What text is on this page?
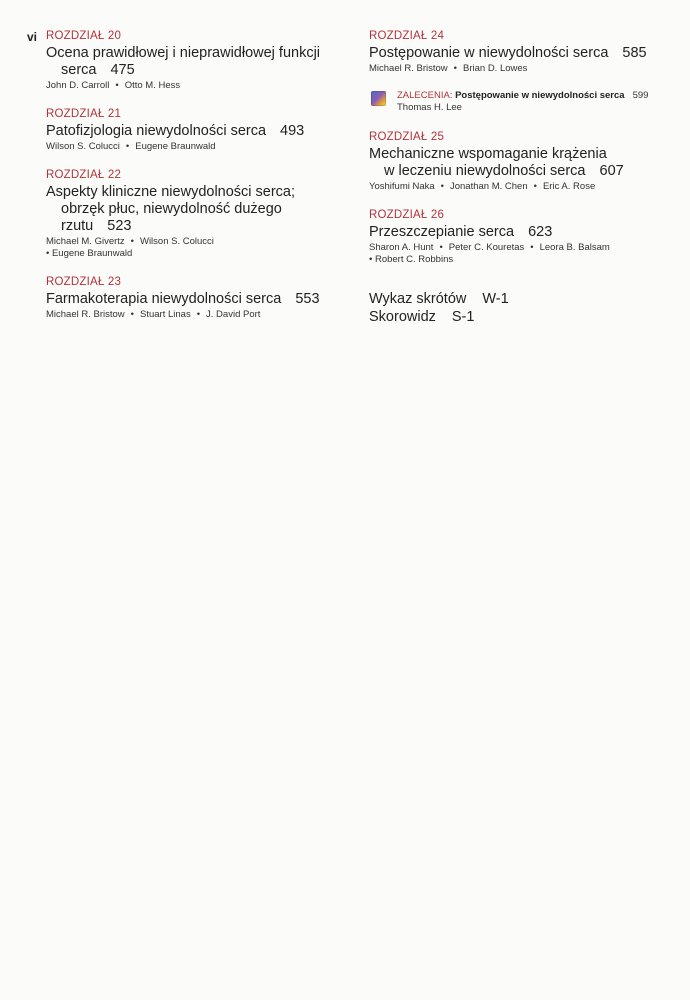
vi ROZDZIAŁ 20
Ocena prawidłowej i nieprawidłowej funkcji
serca 475
John D. Carroll • Otto M. Hess
ROZDZIAŁ 21
Patofizjologia niewydolności serca 493
Wilson S. Colucci • Eugene Braunwald
ROZDZIAŁ 22
Aspekty kliniczne niewydolności serca;
obrzęk płuc, niewydolność dużego
rzutu 523
Michael M. Givertz • Wilson S. Colucci
• Eugene Braunwald
ROZDZIAŁ 23
Farmakoterapia niewydolności serca 553
Michael R. Bristow • Stuart Linas • J. David Port
ROZDZIAŁ 24
Postępowanie w niewydolności serca 585
Michael R. Bristow • Brian D. Lowes
ZALECENIA: Postępowanie w niewydolności serca 599
Thomas H. Lee
ROZDZIAŁ 25
Mechaniczne wspomaganie krążenia
w leczeniu niewydolności serca 607
Yoshifumi Naka • Jonathan M. Chen • Eric A. Rose
ROZDZIAŁ 26
Przeszczepianie serca 623
Sharon A. Hunt • Peter C. Kouretas • Leora B. Balsam
• Robert C. Robbins
Wykaz skrótów W-1
Skorowidz S-1
